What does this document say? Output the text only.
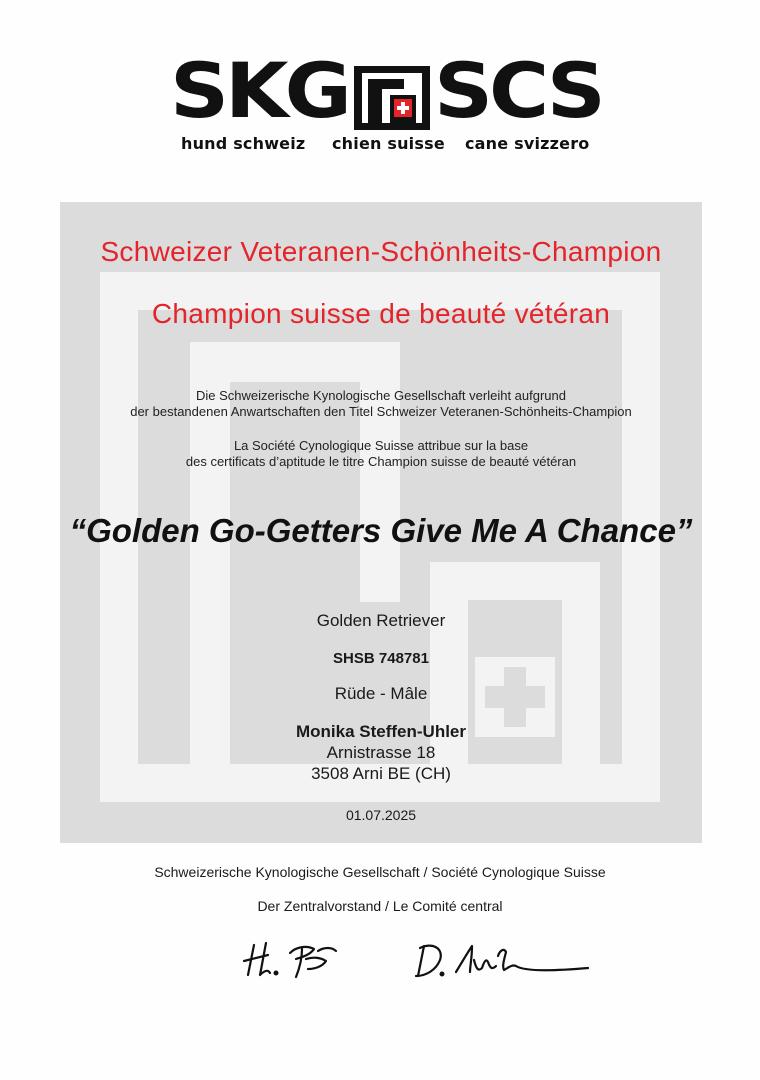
SKG SCS
hund schweiz chien suisse cane svizzero
Schweizer Veteranen-Schönheits-Champion
Champion suisse de beauté vétéran
Die Schweizerische Kynologische Gesellschaft verleiht aufgrund
der bestandenen Anwartschaften den Titel Schweizer Veteranen-Schönheits-Champion
La Société Cynologique Suisse attribue sur la base
des certificats d’aptitude le titre Champion suisse de beauté vétéran
“Golden Go-Getters Give Me A Chance”
Golden Retriever
SHSB 748781
Rüde - Mâle
Monika Steffen-Uhler
Arnistrasse 18
3508 Arni BE (CH)
01.07.2025
Schweizerische Kynologische Gesellschaft / Société Cynologique Suisse
Der Zentralvorstand / Le Comité central
